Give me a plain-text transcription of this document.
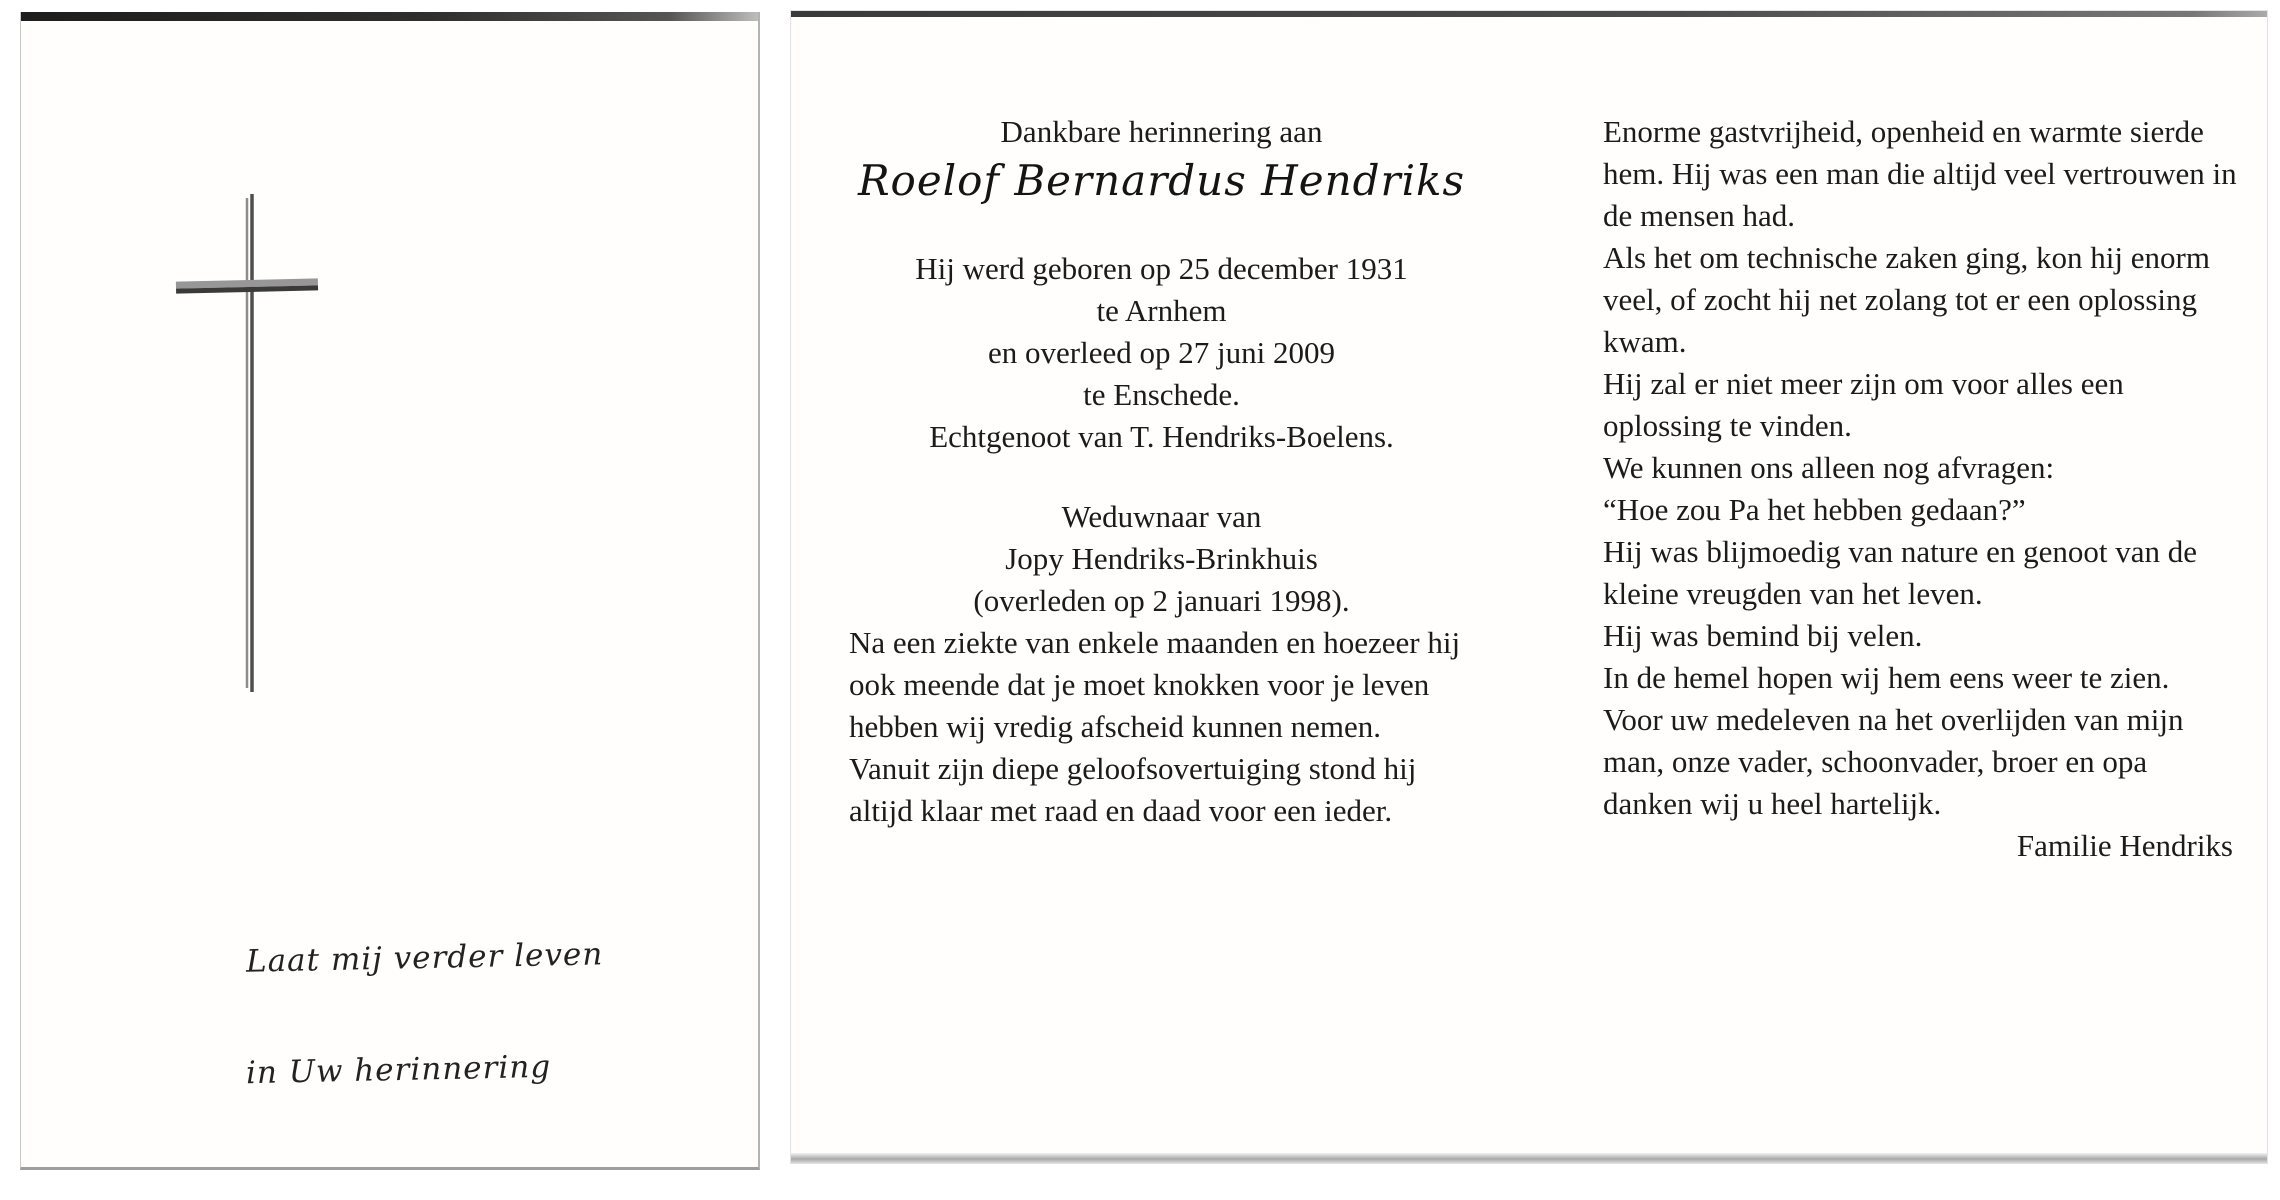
Laat mij verder leven
in Uw herinnering

Dankbare herinnering aan

Roelof Bernardus Hendriks

Hij werd geboren op 25 december 1931

te Arnhem

en overleed op 27 juni 2009

te Enschede.

Echtgenoot van T. Hendriks-Boelens.

Weduwnaar van

Jopy Hendriks-Brinkhuis

(overleden op 2 januari 1998).

Na een ziekte van enkele maanden en hoezeer hij ook meende dat je moet knokken voor je leven hebben wij vredig afscheid kunnen nemen.

Vanuit zijn diepe geloofsovertuiging stond hij altijd klaar met raad en daad voor een ieder.

Enorme gastvrijheid, openheid en warmte sierde hem. Hij was een man die altijd veel vertrouwen in de mensen had.

Als het om technische zaken ging, kon hij enorm veel, of zocht hij net zolang tot er een oplossing kwam.

Hij zal er niet meer zijn om voor alles een oplossing te vinden.

We kunnen ons alleen nog afvragen:

“Hoe zou Pa het hebben gedaan?”

Hij was blijmoedig van nature en genoot van de kleine vreugden van het leven.

Hij was bemind bij velen.

In de hemel hopen wij hem eens weer te zien.

Voor uw medeleven na het overlijden van mijn man, onze vader, schoonvader, broer en opa danken wij u heel hartelijk.

Familie Hendriks
